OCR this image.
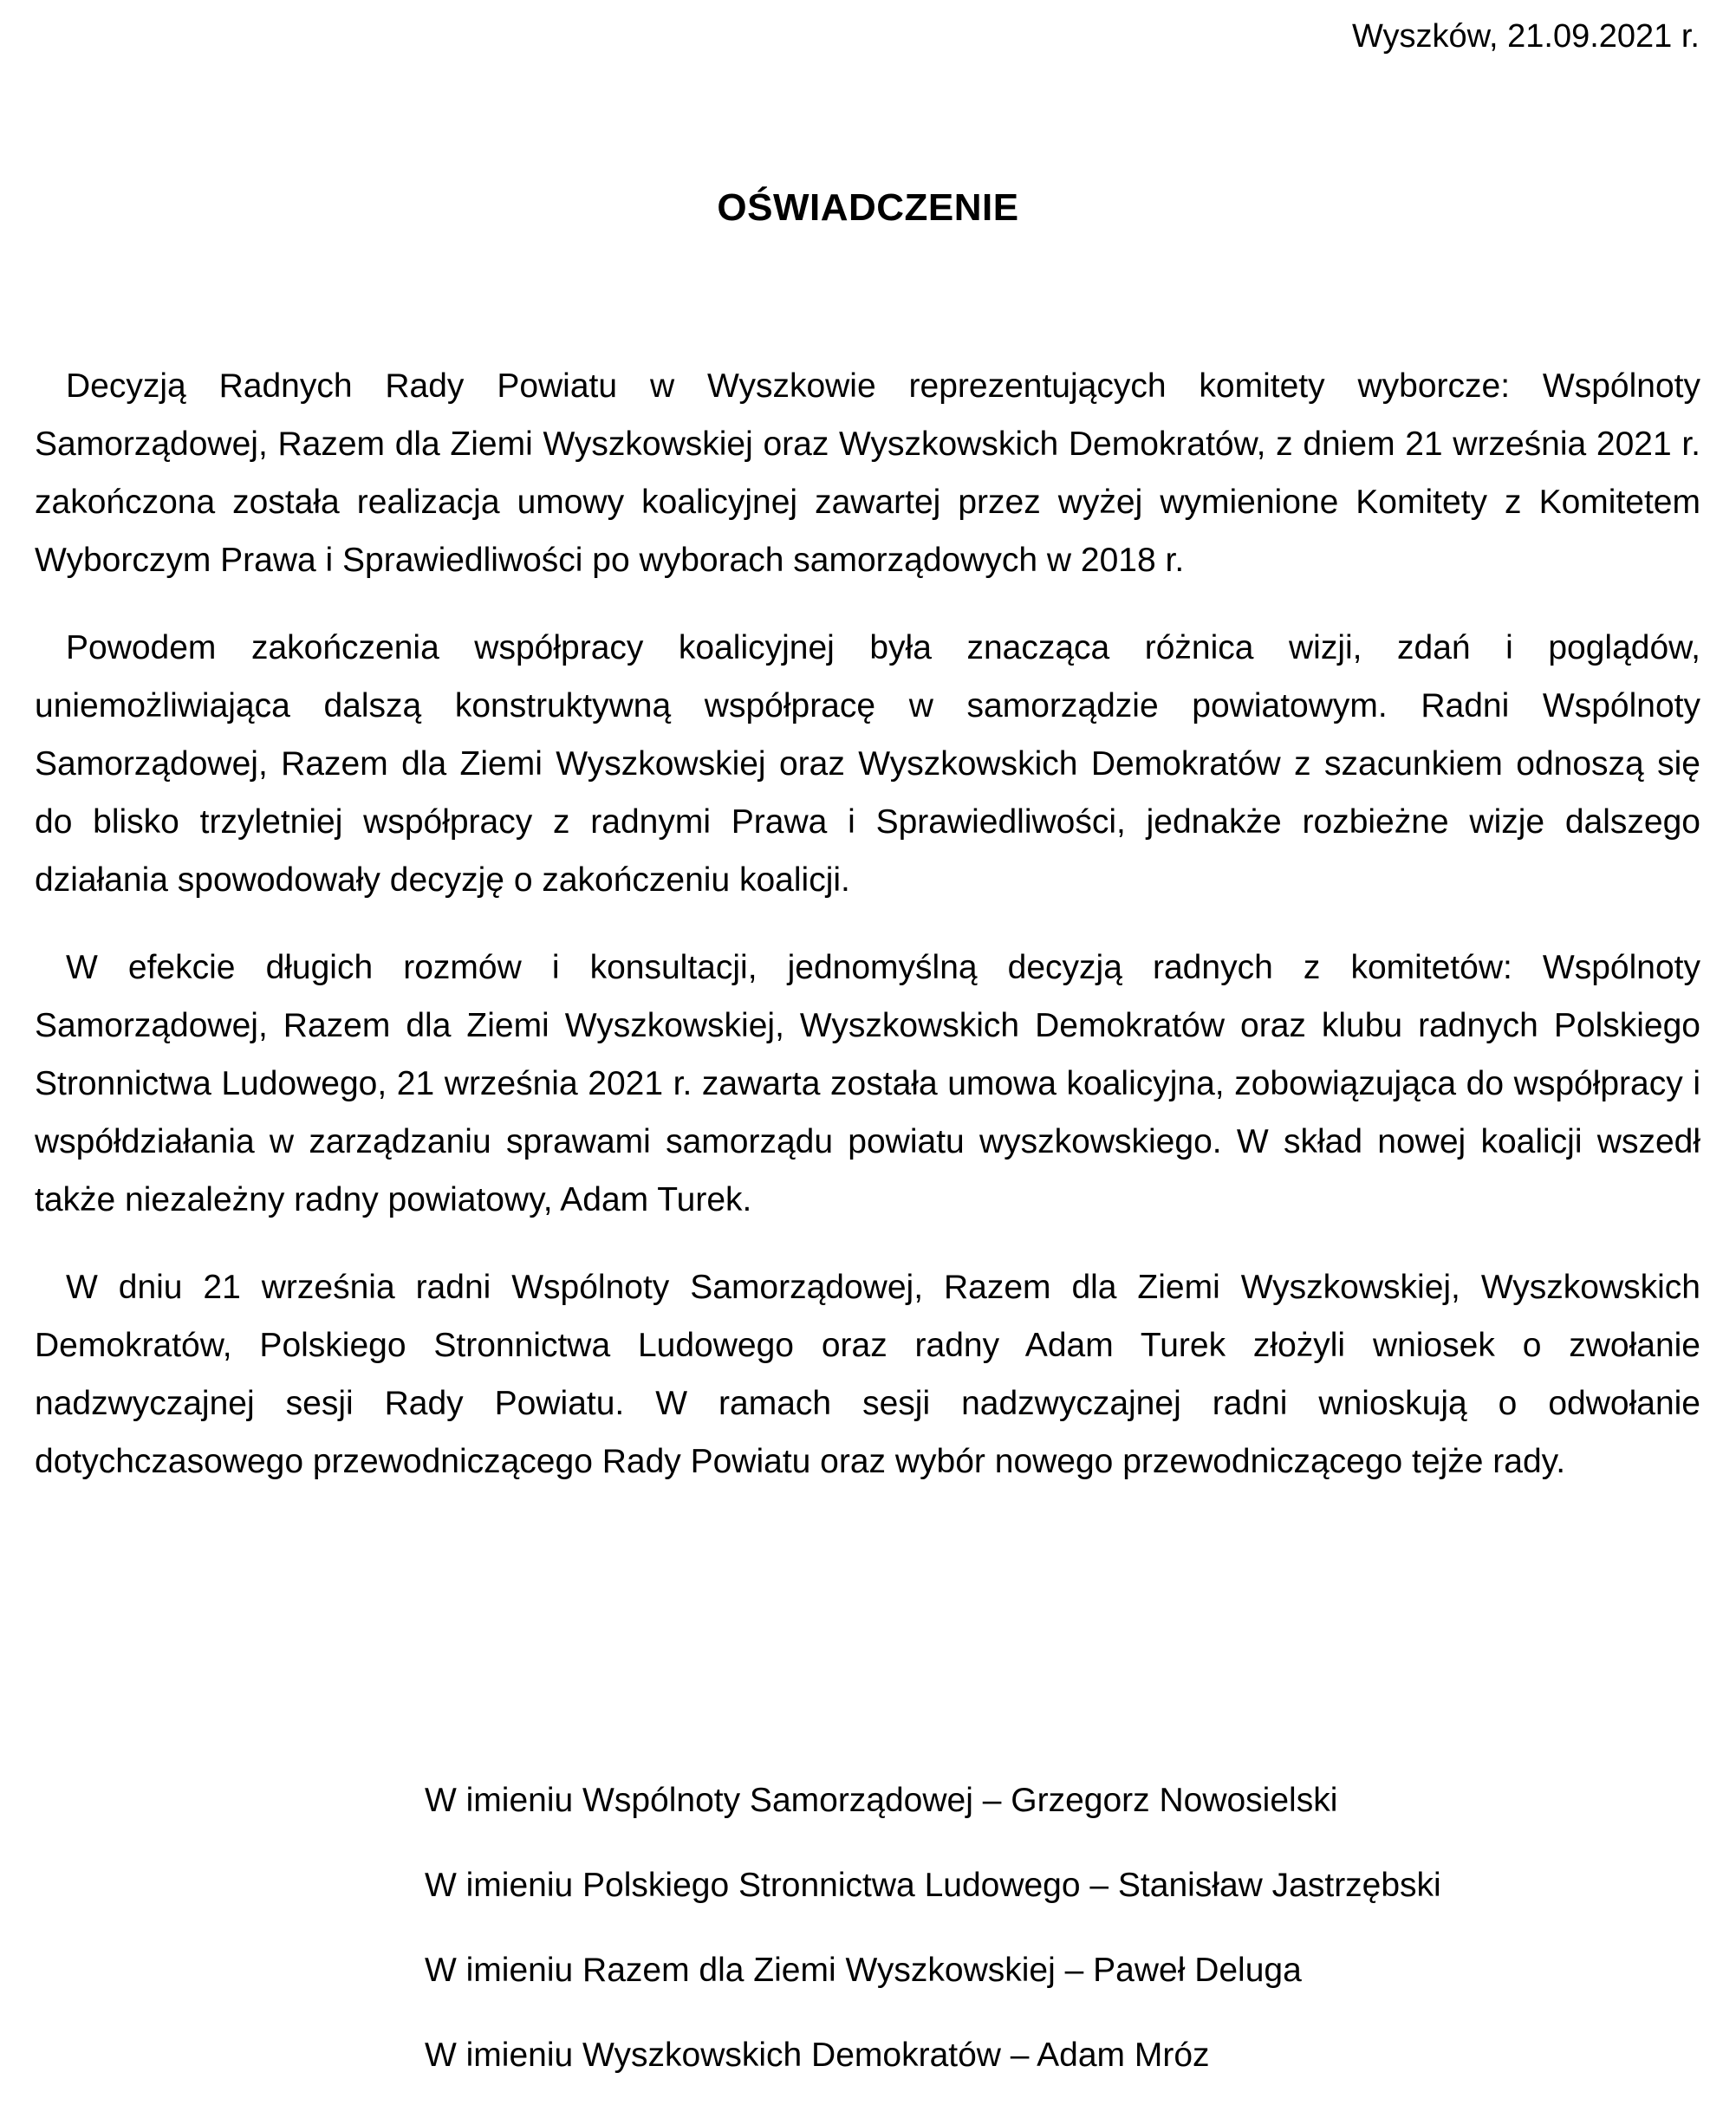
Wyszków, 21.09.2021 r.
OŚWIADCZENIE

Decyzją Radnych Rady Powiatu w Wyszkowie reprezentujących komitety wyborcze: Wspólnoty Samorządowej, Razem dla Ziemi Wyszkowskiej oraz Wyszkowskich Demokratów, z dniem 21 września 2021 r. zakończona została realizacja umowy koalicyjnej zawartej przez wyżej wymienione Komitety z Komitetem Wyborczym Prawa i Sprawiedliwości po wyborach samorządowych w 2018 r.

Powodem zakończenia współpracy koalicyjnej była znacząca różnica wizji, zdań i poglądów, uniemożliwiająca dalszą konstruktywną współpracę w samorządzie powiatowym. Radni Wspólnoty Samorządowej, Razem dla Ziemi Wyszkowskiej oraz Wyszkowskich Demokratów z szacunkiem odnoszą się do blisko trzyletniej współpracy z radnymi Prawa i Sprawiedliwości, jednakże rozbieżne wizje dalszego działania spowodowały decyzję o zakończeniu koalicji.

W efekcie długich rozmów i konsultacji, jednomyślną decyzją radnych z komitetów: Wspólnoty Samorządowej, Razem dla Ziemi Wyszkowskiej, Wyszkowskich Demokratów oraz klubu radnych Polskiego Stronnictwa Ludowego, 21 września 2021 r. zawarta została umowa koalicyjna, zobowiązująca do współpracy i współdziałania w zarządzaniu sprawami samorządu powiatu wyszkowskiego. W skład nowej koalicji wszedł także niezależny radny powiatowy, Adam Turek.

W dniu 21 września radni Wspólnoty Samorządowej, Razem dla Ziemi Wyszkowskiej, Wyszkowskich Demokratów, Polskiego Stronnictwa Ludowego oraz radny Adam Turek złożyli wniosek o zwołanie nadzwyczajnej sesji Rady Powiatu. W ramach sesji nadzwyczajnej radni wnioskują o odwołanie dotychczasowego przewodniczącego Rady Powiatu oraz wybór nowego przewodniczącego tejże rady.

W imieniu Wspólnoty Samorządowej – Grzegorz Nowosielski

W imieniu Polskiego Stronnictwa Ludowego – Stanisław Jastrzębski

W imieniu Razem dla Ziemi Wyszkowskiej – Paweł Deluga

W imieniu Wyszkowskich Demokratów – Adam Mróz
